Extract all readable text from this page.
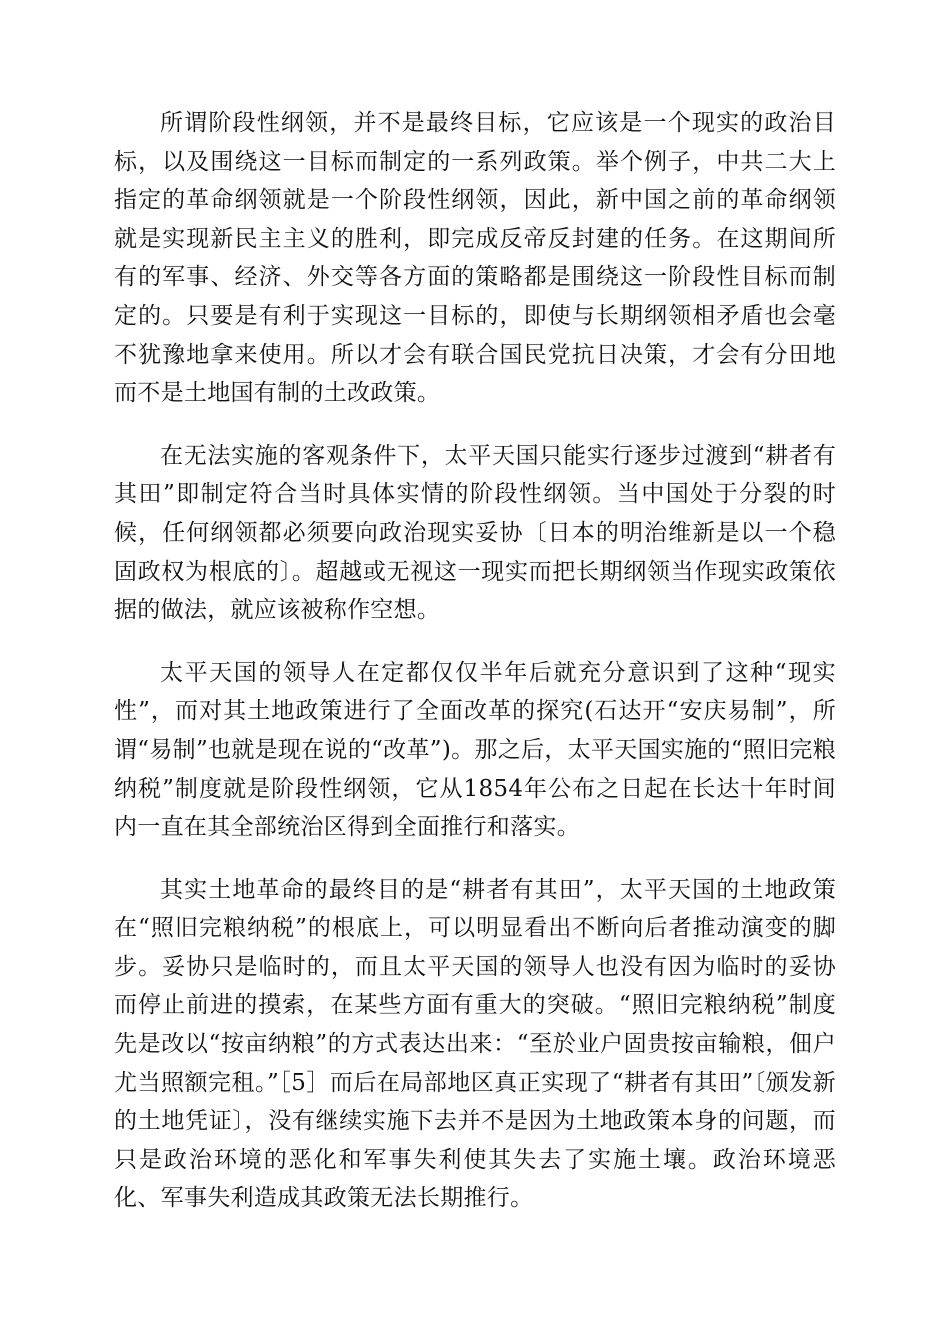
所谓阶段性纲领，并不是最终目标，它应该是一个现实的政治目标，以及围绕这一目标而制定的一系列政策。举个例子，中共二大上指定的革命纲领就是一个阶段性纲领，因此，新中国之前的革命纲领就是实现新民主主义的胜利，即完成反帝反封建的任务。在这期间所有的军事、经济、外交等各方面的策略都是围绕这一阶段性目标而制定的。只要是有利于实现这一目标的，即使与长期纲领相矛盾也会毫不犹豫地拿来使用。所以才会有联合国民党抗日决策，才会有分田地而不是土地国有制的土改政策。

在无法实施的客观条件下，太平天国只能实行逐步过渡到“耕者有其田”即制定符合当时具体实情的阶段性纲领。当中国处于分裂的时候，任何纲领都必须要向政治现实妥协〔日本的明治维新是以一个稳固政权为根底的〕。超越或无视这一现实而把长期纲领当作现实政策依据的做法，就应该被称作空想。

太平天国的领导人在定都仅仅半年后就充分意识到了这种“现实性”，而对其土地政策进行了全面改革的探究(石达开“安庆易制”，所谓“易制”也就是现在说的“改革”)。那之后，太平天国实施的“照旧完粮纳税”制度就是阶段性纲领，它从1854年公布之日起在长达十年时间内一直在其全部统治区得到全面推行和落实。

其实土地革命的最终目的是“耕者有其田”，太平天国的土地政策在“照旧完粮纳税”的根底上，可以明显看出不断向后者推动演变的脚步。妥协只是临时的，而且太平天国的领导人也没有因为临时的妥协而停止前进的摸索，在某些方面有重大的突破。“照旧完粮纳税”制度先是改以“按亩纳粮”的方式表达出来：“至於业户固贵按亩输粮，佃户尤当照额完租。”［5］而后在局部地区真正实现了“耕者有其田”〔颁发新的土地凭证〕，没有继续实施下去并不是因为土地政策本身的问题，而只是政治环境的恶化和军事失利使其失去了实施土壤。政治环境恶化、军事失利造成其政策无法长期推行。
